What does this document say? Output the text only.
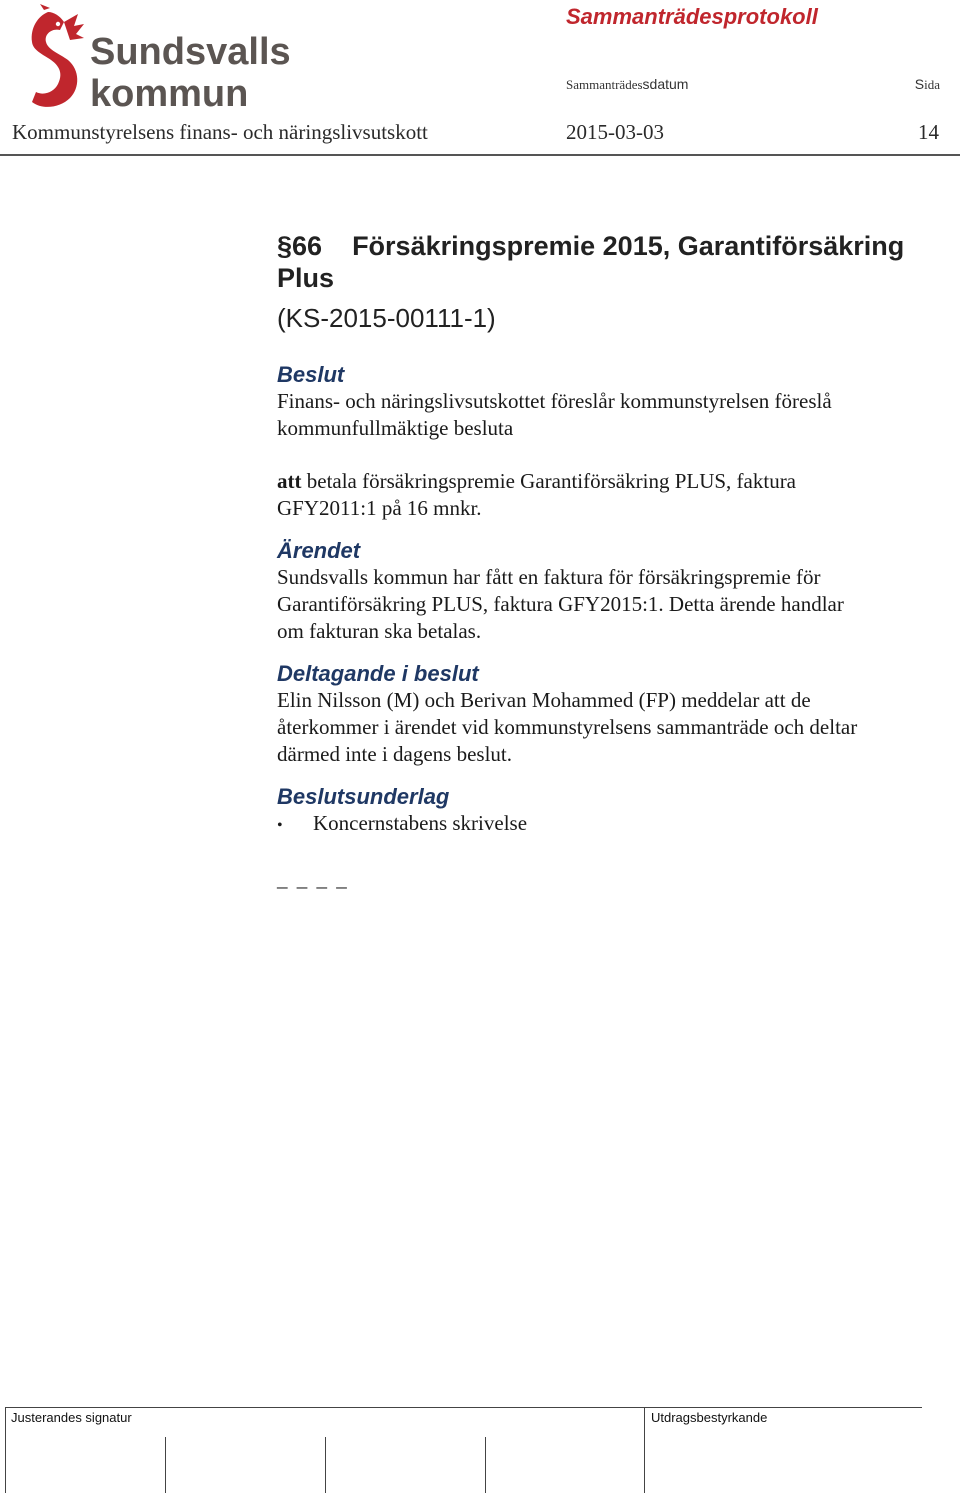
Sundsvalls
kommun
Sammanträdesprotokoll
Sammanträdessdatum	Sida
Kommunstyrelsens finans- och näringslivsutskott	2015-03-03	14
§66 Försäkringspremie 2015, Garantiförsäkring
Plus
(KS-2015-00111-1)
Beslut

Finans- och näringslivsutskottet föreslår kommunstyrelsen föreslå
kommunfullmäktige besluta

att betala försäkringspremie Garantiförsäkring PLUS, faktura
GFY2011:1 på 16 mnkr.

Ärendet

Sundsvalls kommun har fått en faktura för försäkringspremie för
Garantiförsäkring PLUS, faktura GFY2015:1. Detta ärende handlar
om fakturan ska betalas.

Deltagande i beslut

Elin Nilsson (M) och Berivan Mohammed (FP) meddelar att de
återkommer i ärendet vid kommunstyrelsens sammanträde och deltar
därmed inte i dagens beslut.

Beslutsunderlag
•	Koncernstabens skrivelse
_ _ _ _
Justerandes signatur	Utdragsbestyrkande
